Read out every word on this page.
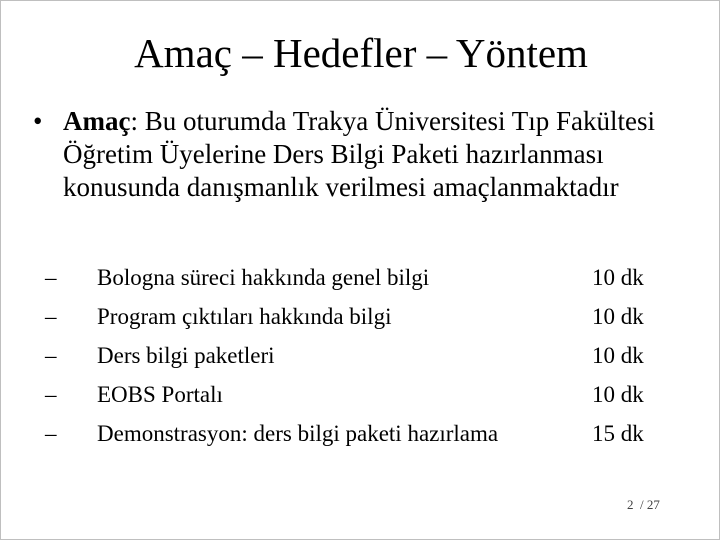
Amaç – Hedefler – Yöntem
• Amaç: Bu oturumda Trakya Üniversitesi Tıp Fakültesi Öğretim Üyelerine Ders Bilgi Paketi hazırlanması konusunda danışmanlık verilmesi amaçlanmaktadır
– Bologna süreci hakkında genel bilgi	10 dk
– Program çıktıları hakkında bilgi	10 dk
– Ders bilgi paketleri	10 dk
– EOBS Portalı	10 dk
– Demonstrasyon: ders bilgi paketi hazırlama	15 dk
2 / 27
